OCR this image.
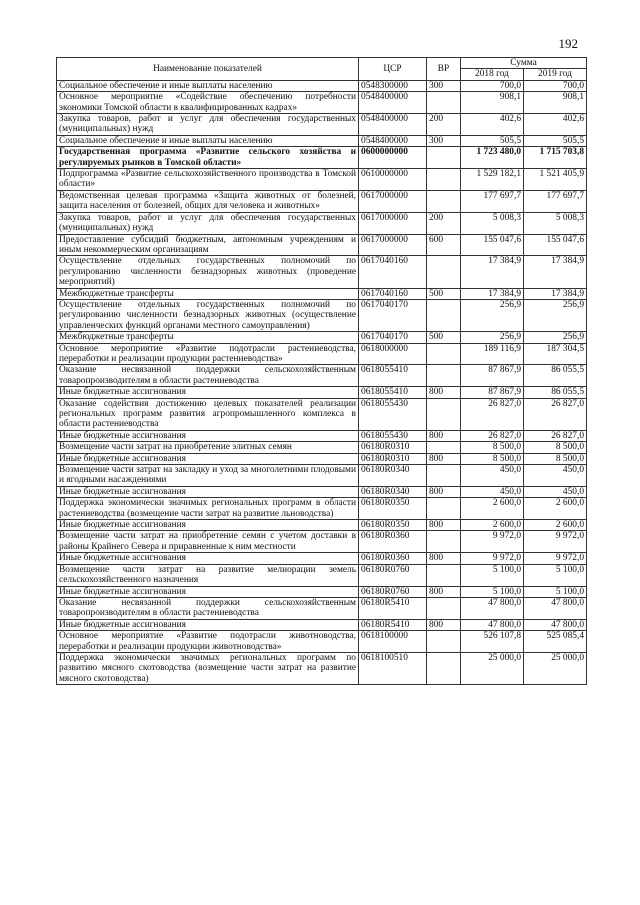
192
Наименование показателей	ЦСР	ВР	Сумма	
			2018 год	2019 год
Социальное обеспечение и иные выплаты населению	0548300000	300	700,0	700,0
Основное мероприятие «Содействие обеспечению потребности экономики Томской области в квалифицированных кадрах»	0548400000		908,1	908,1
Закупка товаров, работ и услуг для обеспечения государственных (муниципальных) нужд	0548400000	200	402,6	402,6
Социальное обеспечение и иные выплаты населению	0548400000	300	505,5	505,5
Государственная программа «Развитие сельского хозяйства и регулируемых рынков в Томской области»	0600000000		1 723 480,0	1 715 703,8
Подпрограмма «Развитие сельскохозяйственного производства в Томской области»	0610000000		1 529 182,1	1 521 405,9
Ведомственная целевая программа «Защита животных от болезней, защита населения от болезней, общих для человека и животных»	0617000000		177 697,7	177 697,7
Закупка товаров, работ и услуг для обеспечения государственных (муниципальных) нужд	0617000000	200	5 008,3	5 008,3
Предоставление субсидий бюджетным, автономным учреждениям и иным некоммерческим организациям	0617000000	600	155 047,6	155 047,6
Осуществление отдельных государственных полномочий по регулированию численности безнадзорных животных (проведение мероприятий)	0617040160		17 384,9	17 384,9
Межбюджетные трансферты	0617040160	500	17 384,9	17 384,9
Осуществление отдельных государственных полномочий по регулированию численности безнадзорных животных (осуществление управленческих функций органами местного самоуправления)	0617040170		256,9	256,9
Межбюджетные трансферты	0617040170	500	256,9	256,9
Основное мероприятие «Развитие подотрасли растениеводства, переработки и реализации продукции растениеводства»	0618000000		189 116,9	187 304,5
Оказание несвязанной поддержки сельскохозяйственным товаропроизводителям в области растениеводства	0618055410		87 867,9	86 055,5
Иные бюджетные ассигнования	0618055410	800	87 867,9	86 055,5
Оказание содействия достижению целевых показателей реализации региональных программ развития агропромышленного комплекса в области растениеводства	0618055430		26 827,0	26 827,0
Иные бюджетные ассигнования	0618055430	800	26 827,0	26 827,0
Возмещение части затрат на приобретение элитных семян	06180R0310		8 500,0	8 500,0
Иные бюджетные ассигнования	06180R0310	800	8 500,0	8 500,0
Возмещение части затрат на закладку и уход за многолетними плодовыми и ягодными насаждениями	06180R0340		450,0	450,0
Иные бюджетные ассигнования	06180R0340	800	450,0	450,0
Поддержка экономически значимых региональных программ в области растениеводства (возмещение части затрат на развитие льноводства)	06180R0350		2 600,0	2 600,0
Иные бюджетные ассигнования	06180R0350	800	2 600,0	2 600,0
Возмещение части затрат на приобретение семян с учетом доставки в районы Крайнего Севера и приравненные к ним местности	06180R0360		9 972,0	9 972,0
Иные бюджетные ассигнования	06180R0360	800	9 972,0	9 972,0
Возмещение части затрат на развитие мелиорации земель сельскохозяйственного назначения	06180R0760		5 100,0	5 100,0
Иные бюджетные ассигнования	06180R0760	800	5 100,0	5 100,0
Оказание несвязанной поддержки сельскохозяйственным товаропроизводителям в области растениеводства	06180R5410		47 800,0	47 800,0
Иные бюджетные ассигнования	06180R5410	800	47 800,0	47 800,0
Основное мероприятие «Развитие подотрасли животноводства, переработки и реализации продукции животноводства»	0618100000		526 107,8	525 085,4
Поддержка экономически значимых региональных программ по развитию мясного скотоводства (возмещение части затрат на развитие мясного скотоводства)	0618100510		25 000,0	25 000,0
